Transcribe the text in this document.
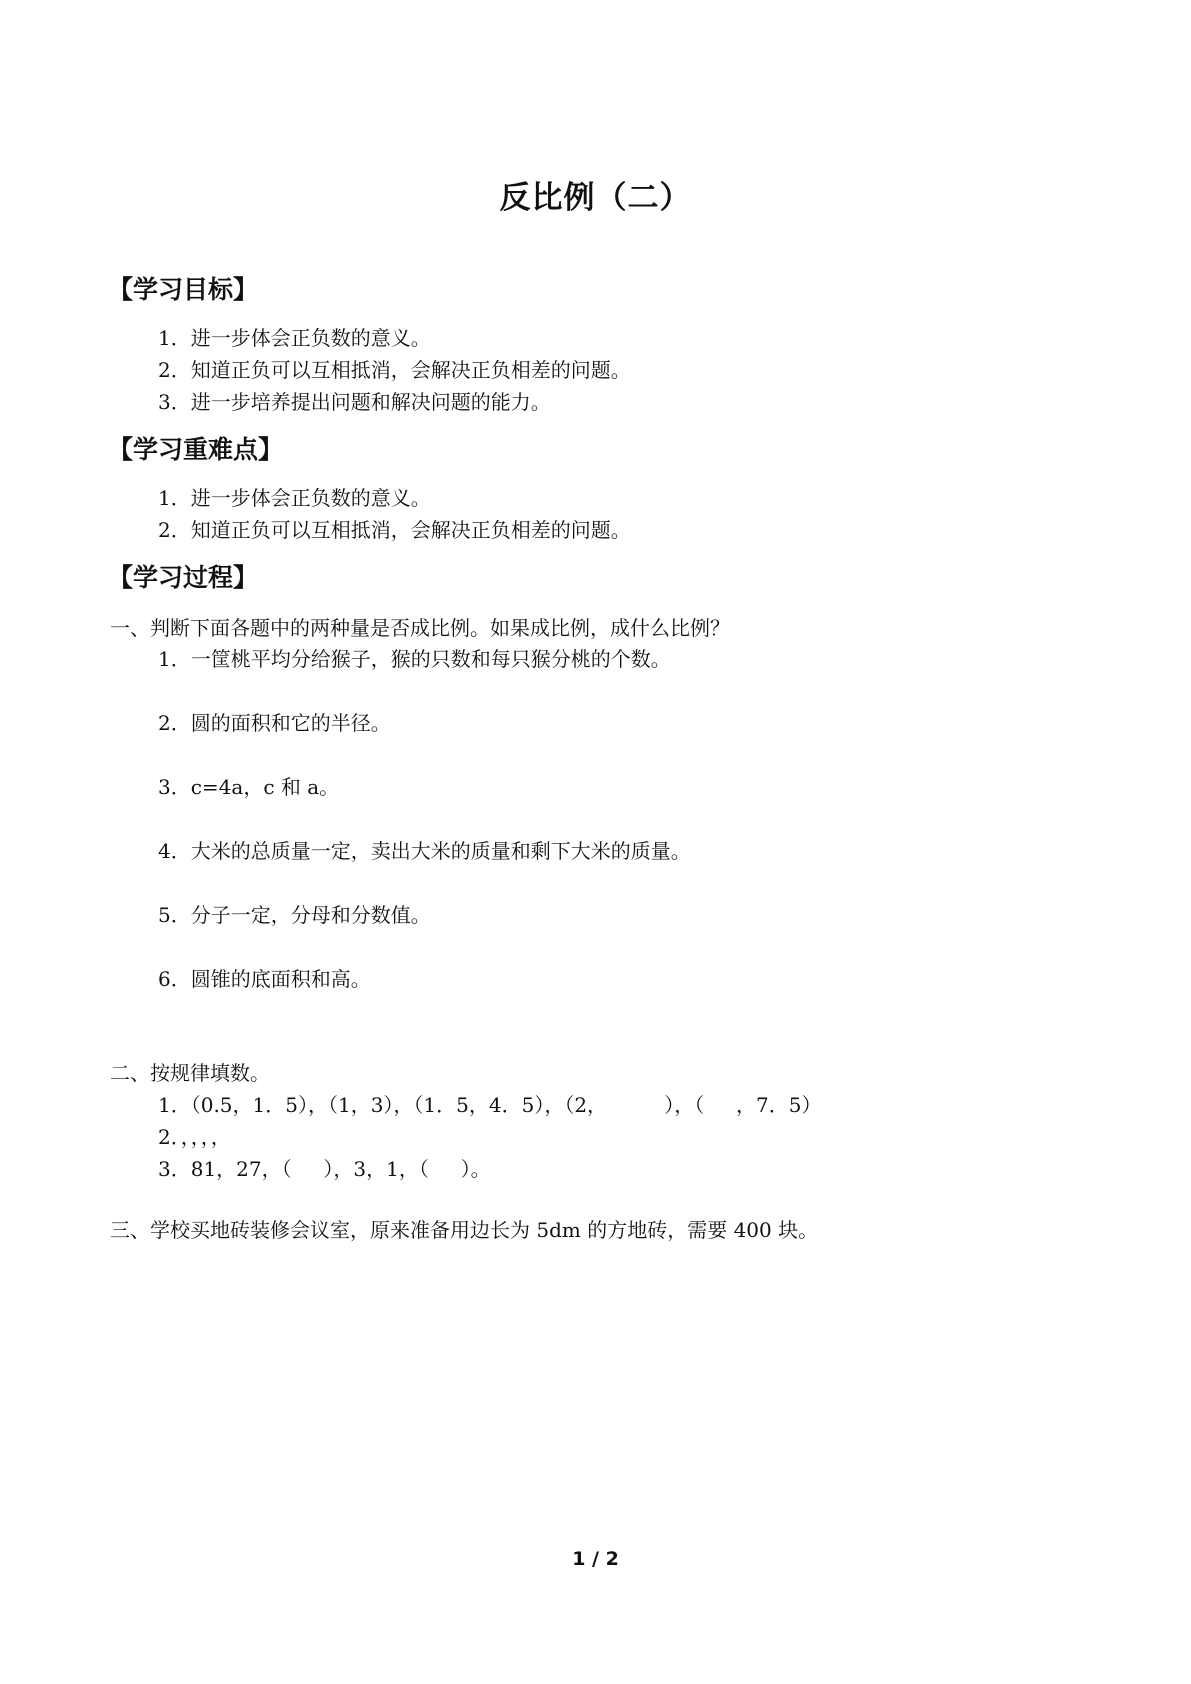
反比例（二）
【学习目标】
1．进一步体会正负数的意义。
2．知道正负可以互相抵消，会解决正负相差的问题。
3．进一步培养提出问题和解决问题的能力。
【学习重难点】
1．进一步体会正负数的意义。
2．知道正负可以互相抵消，会解决正负相差的问题。
【学习过程】
一、判断下面各题中的两种量是否成比例。如果成比例，成什么比例？
1．一筐桃平均分给猴子，猴的只数和每只猴分桃的个数。
2．圆的面积和它的半径。
3．c=4a，c 和 a。
4．大米的总质量一定，卖出大米的质量和剩下大米的质量。
5．分子一定，分母和分数值。
6．圆锥的底面积和高。
二、按规律填数。
1．（0.5，1．5），（1，3），（1．5，4．5），（2，         ），（     ，7．5）
2．，，，，
3．81，27，（     ），3，1，（     ）。
三、学校买地砖装修会议室，原来准备用边长为 5dm 的方地砖，需要 400 块。
1 / 2
